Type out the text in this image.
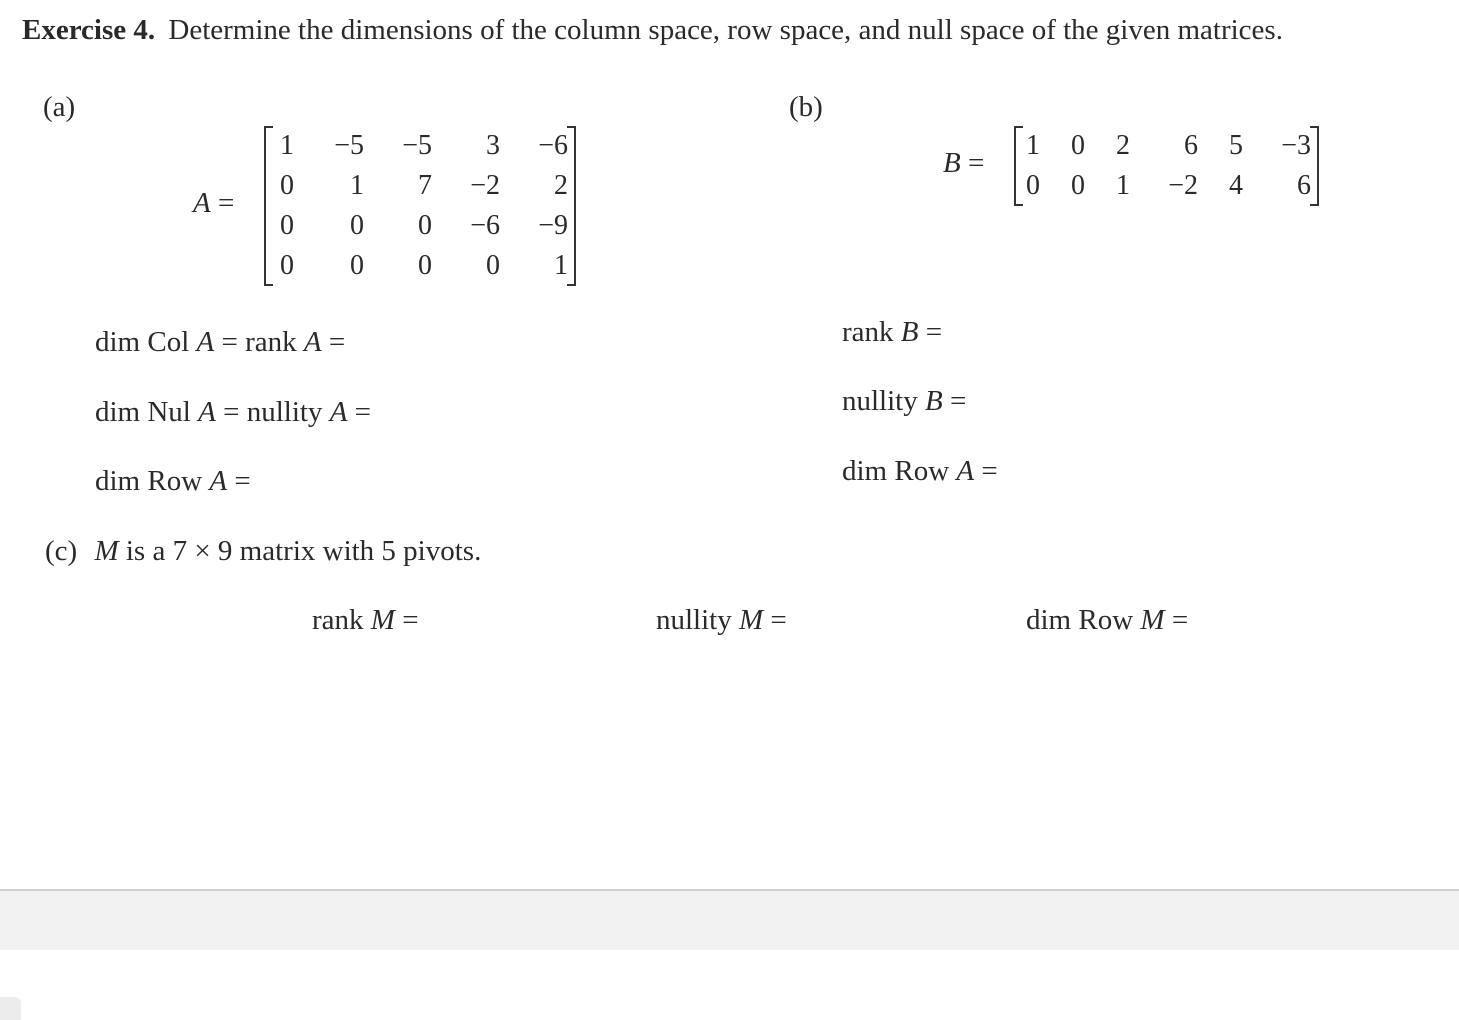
Exercise 4. Determine the dimensions of the column space, row space, and null space of the given matrices.
(a)
A =
1	−5	−5	3	−6
0	1	7	−2	2
0	0	0	−6	−9
0	0	0	0	1
dim Col A = rank A =
dim Nul A = nullity A =
dim Row A =
(b)
B =
1	0	2	6	5	−3
0	0	1	−2	4	6
rank B =
nullity B =
dim Row A =
(c) M is a 7 × 9 matrix with 5 pivots.
rank M =	nullity M =	dim Row M =
